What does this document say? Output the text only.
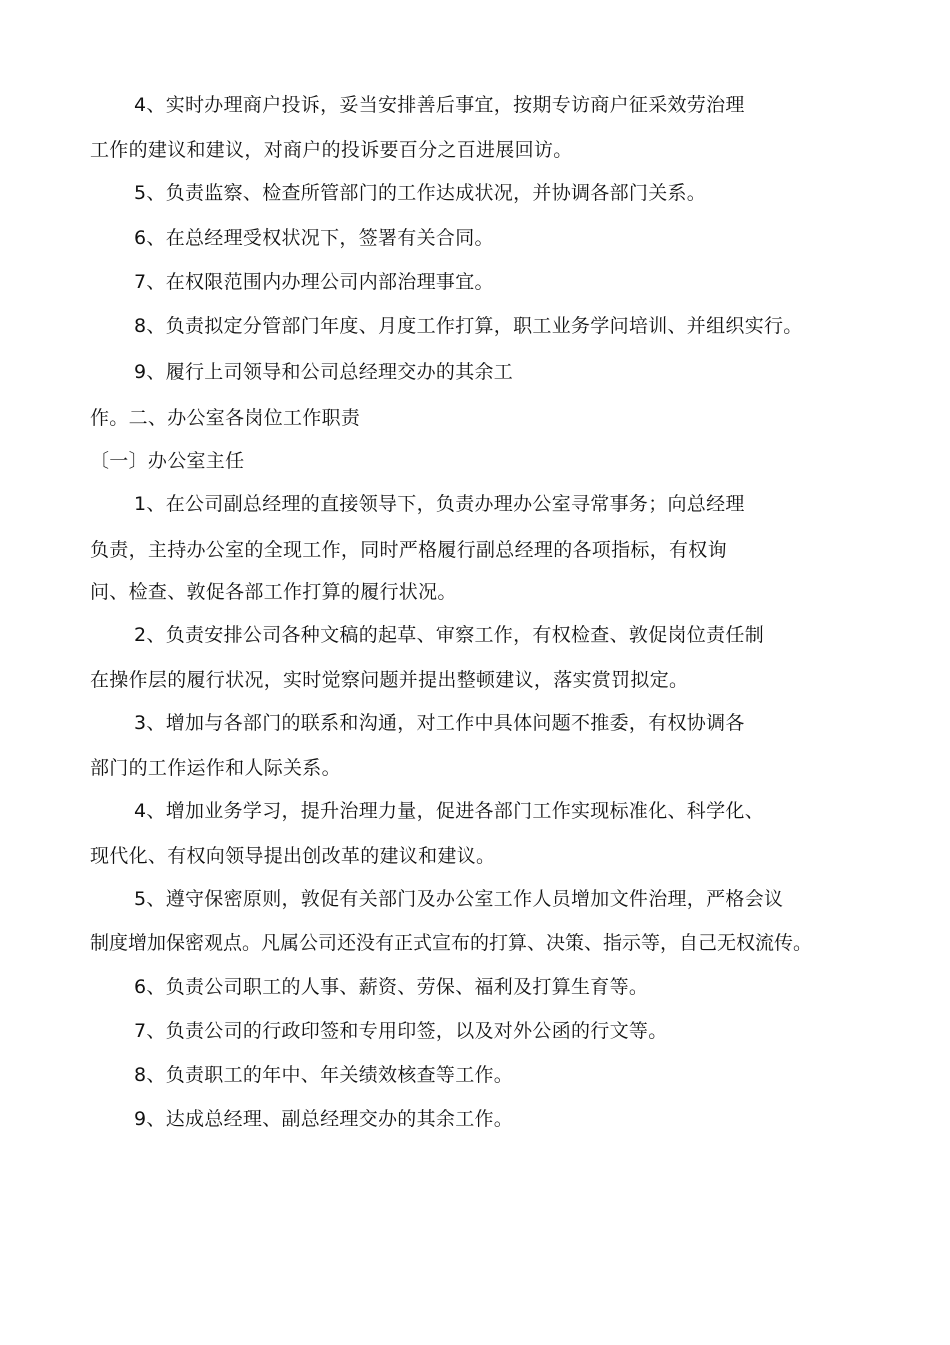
4、实时办理商户投诉，妥当安排善后事宜，按期专访商户征采效劳治理
工作的建议和建议，对商户的投诉要百分之百进展回访。
5、负责监察、检查所管部门的工作达成状况，并协调各部门关系。
6、在总经理受权状况下，签署有关合同。
7、在权限范围内办理公司内部治理事宜。
8、负责拟定分管部门年度、月度工作打算，职工业务学问培训、并组织实行。
9、履行上司领导和公司总经理交办的其余工
作。二、办公室各岗位工作职责
〔一〕办公室主任
1、在公司副总经理的直接领导下，负责办理办公室寻常事务；向总经理
负责，主持办公室的全现工作，同时严格履行副总经理的各项指标，有权询
问、检查、敦促各部工作打算的履行状况。
2、负责安排公司各种文稿的起草、审察工作，有权检查、敦促岗位责任制
在操作层的履行状况，实时觉察问题并提出整顿建议，落实赏罚拟定。
3、增加与各部门的联系和沟通，对工作中具体问题不推委，有权协调各
部门的工作运作和人际关系。
4、增加业务学习，提升治理力量，促进各部门工作实现标准化、科学化、
现代化、有权向领导提出创改革的建议和建议。
5、遵守保密原则，敦促有关部门及办公室工作人员增加文件治理，严格会议
制度增加保密观点。凡属公司还没有正式宣布的打算、决策、指示等，自己无权流传。
6、负责公司职工的人事、薪资、劳保、福利及打算生育等。
7、负责公司的行政印签和专用印签，以及对外公函的行文等。
8、负责职工的年中、年关绩效核查等工作。
9、达成总经理、副总经理交办的其余工作。
